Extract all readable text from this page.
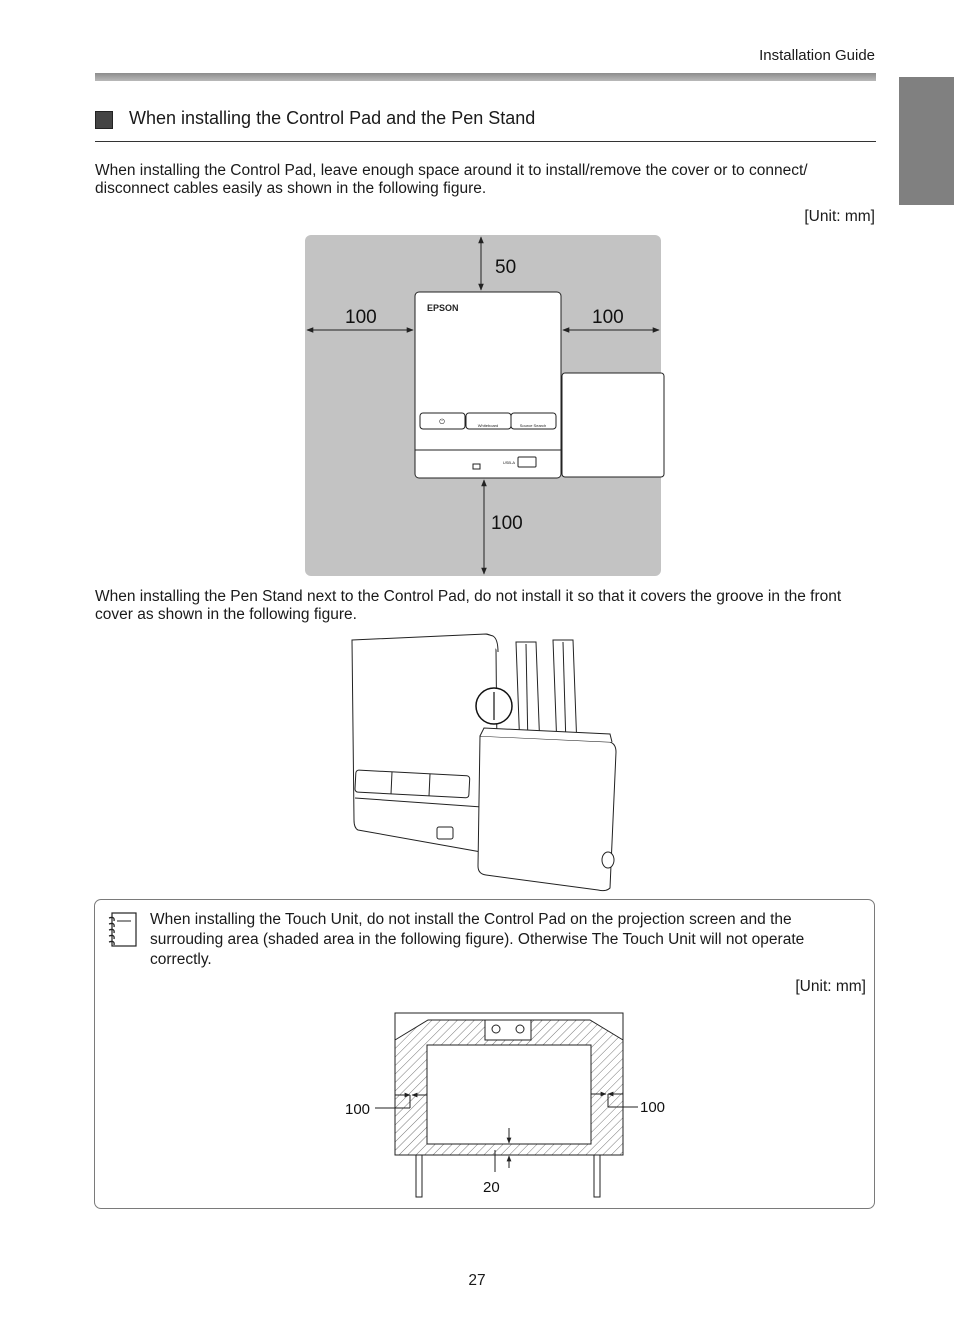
Installation Guide
When installing the Control Pad and the Pen Stand
When installing the Control Pad, leave enough space around it to install/remove the cover or to connect/
disconnect cables easily as shown in the following figure.
[Unit: mm]
⏻
EPSON
Whiteboard	Source Search
USB-A
50
100	100
100
When installing the Pen Stand next to the Control Pad, do not install it so that it covers the groove in the front
cover as shown in the following figure.
When installing the Touch Unit, do not install the Control Pad on the projection screen and the surrouding area (shaded area in the following figure). Otherwise The Touch Unit will not operate correctly.
[Unit: mm]
100	100
20
27
